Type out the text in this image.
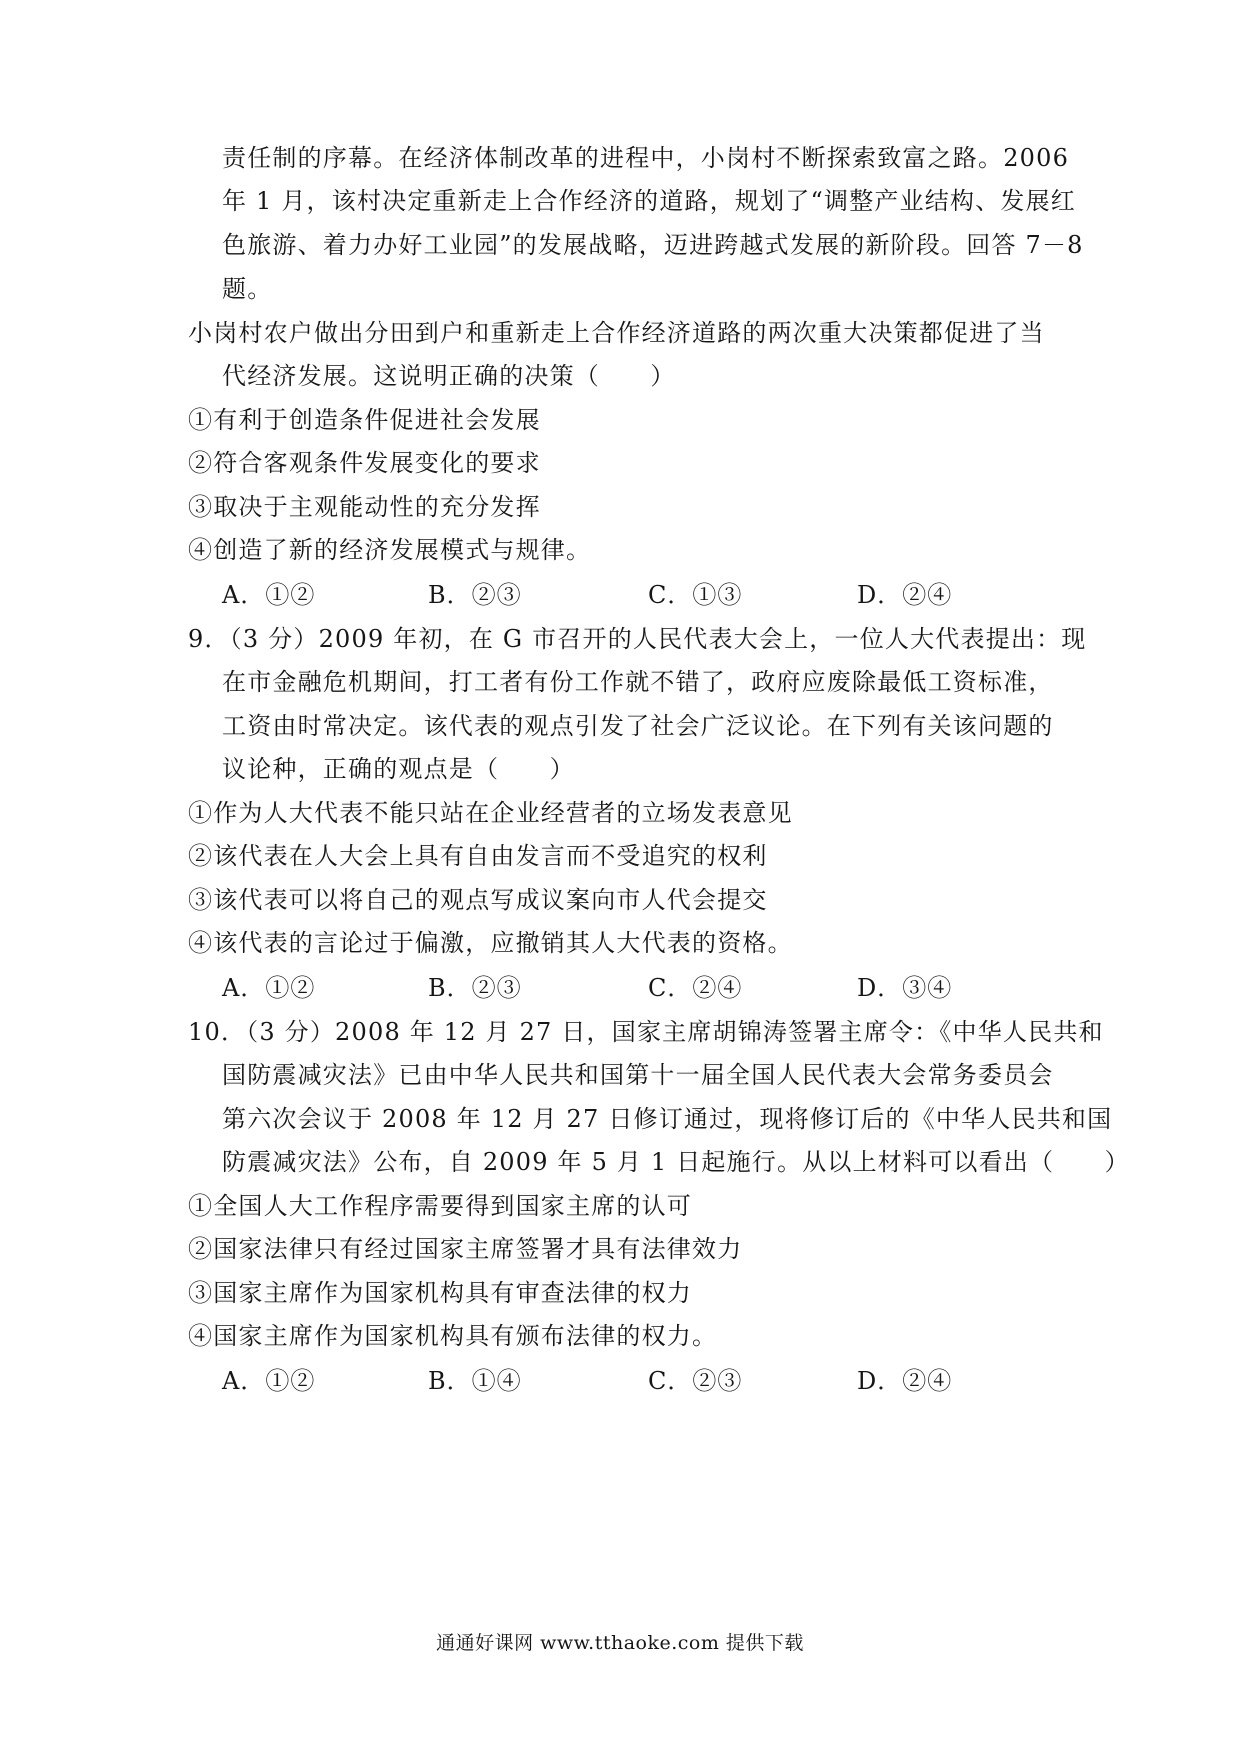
责任制的序幕。在经济体制改革的进程中，小岗村不断探索致富之路。2006
年 1 月，该村决定重新走上合作经济的道路，规划了“调整产业结构、发展红
色旅游、着力办好工业园”的发展战略，迈进跨越式发展的新阶段。回答 7－8
题。
小岗村农户做出分田到户和重新走上合作经济道路的两次重大决策都促进了当
代经济发展。这说明正确的决策（　　）
①有利于创造条件促进社会发展
②符合客观条件发展变化的要求
③取决于主观能动性的充分发挥
④创造了新的经济发展模式与规律。
A．①②	B．②③	C．①③	D．②④
9．（3 分）2009 年初，在 G 市召开的人民代表大会上，一位人大代表提出：现
在市金融危机期间，打工者有份工作就不错了，政府应废除最低工资标准，
工资由时常决定。该代表的观点引发了社会广泛议论。在下列有关该问题的
议论种，正确的观点是（　　）
①作为人大代表不能只站在企业经营者的立场发表意见
②该代表在人大会上具有自由发言而不受追究的权利
③该代表可以将自己的观点写成议案向市人代会提交
④该代表的言论过于偏激，应撤销其人大代表的资格。
A．①②	B．②③	C．②④	D．③④
10．（3 分）2008 年 12 月 27 日，国家主席胡锦涛签署主席令：《中华人民共和
国防震减灾法》已由中华人民共和国第十一届全国人民代表大会常务委员会
第六次会议于 2008 年 12 月 27 日修订通过，现将修订后的《中华人民共和国
防震减灾法》公布，自 2009 年 5 月 1 日起施行。从以上材料可以看出（　　）
①全国人大工作程序需要得到国家主席的认可
②国家法律只有经过国家主席签署才具有法律效力
③国家主席作为国家机构具有审查法律的权力
④国家主席作为国家机构具有颁布法律的权力。
A．①②	B．①④	C．②③	D．②④
通通好课网 www.tthaoke.com 提供下载
